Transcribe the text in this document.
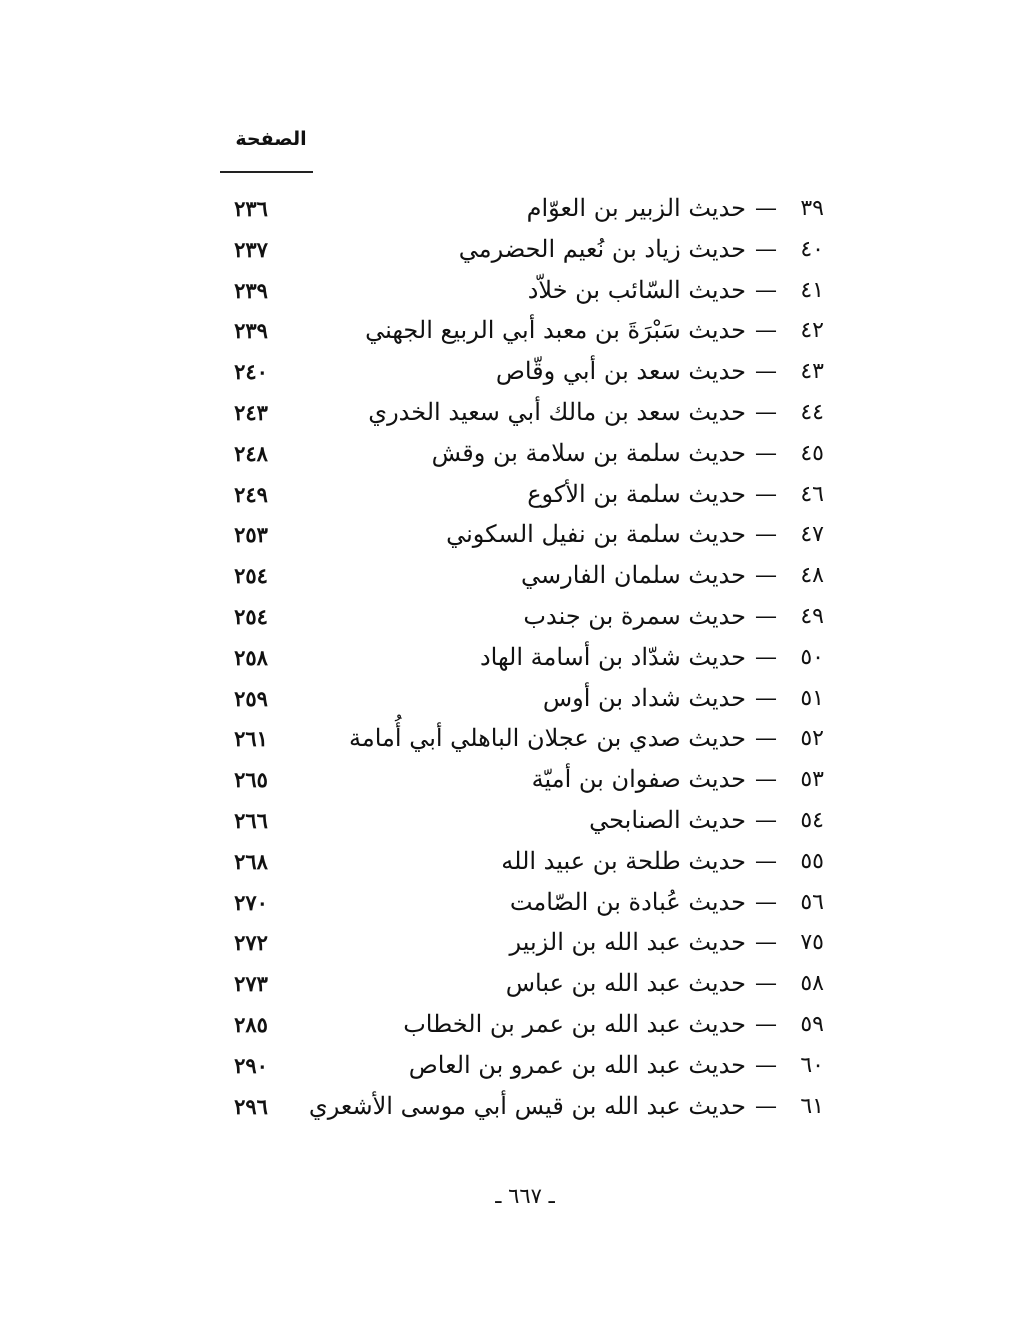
الصفحة
٣٩
—
حديث الزبير بن العوّام
٢٣٦
٤٠
—
حديث زياد بن نُعيم الحضرمي
٢٣٧
٤١
—
حديث السّائب بن خلاّد
٢٣٩
٤٢
—
حديث سَبْرَةَ بن معبد أبي الربيع الجهني
٢٣٩
٤٣
—
حديث سعد بن أبي وقّاص
٢٤٠
٤٤
—
حديث سعد بن مالك أبي سعيد الخدري
٢٤٣
٤٥
—
حديث سلمة بن سلامة بن وقش
٢٤٨
٤٦
—
حديث سلمة بن الأكوع
٢٤٩
٤٧
—
حديث سلمة بن نفيل السكوني
٢٥٣
٤٨
—
حديث سلمان الفارسي
٢٥٤
٤٩
—
حديث سمرة بن جندب
٢٥٤
٥٠
—
حديث شدّاد بن أسامة الهاد
٢٥٨
٥١
—
حديث شداد بن أوس
٢٥٩
٥٢
—
حديث صدي بن عجلان الباهلي أبي أُمامة
٢٦١
٥٣
—
حديث صفوان بن أميّة
٢٦٥
٥٤
—
حديث الصنابحي
٢٦٦
٥٥
—
حديث طلحة بن عبيد الله
٢٦٨
٥٦
—
حديث عُبادة بن الصّامت
٢٧٠
٧٥
—
حديث عبد الله بن الزبير
٢٧٢
٥٨
—
حديث عبد الله بن عباس
٢٧٣
٥٩
—
حديث عبد الله بن عمر بن الخطاب
٢٨٥
٦٠
—
حديث عبد الله بن عمرو بن العاص
٢٩٠
٦١
—
حديث عبد الله بن قيس أبي موسى الأشعري
٢٩٦
ـ ٦٦٧ ـ
